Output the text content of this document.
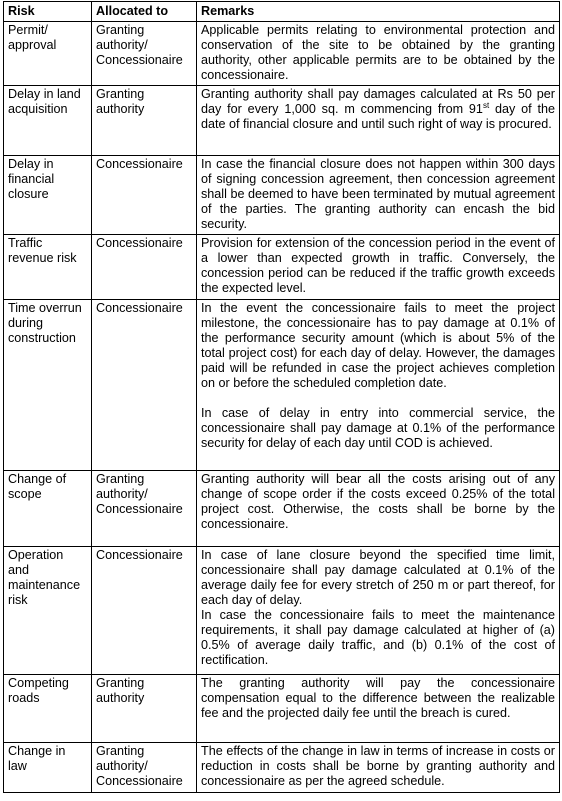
Risk	Allocated to	Remarks
Permit/ approval	Granting authority/ Concessionaire	Applicable permits relating to environmental protection and conservation of the site to be obtained by the granting authority, other applicable permits are to be obtained by the concessionaire.

Delay in land acquisition	Granting authority	Granting authority shall pay damages calculated at Rs 50 per day for every 1,000 sq. m commencing from 91st day of the date of financial closure and until such right of way is procured.

Delay in financial closure	Concessionaire	In case the financial closure does not happen within 300 days of signing concession agreement, then concession agreement shall be deemed to have been terminated by mutual agreement of the parties. The granting authority can encash the bid security.

Traffic revenue risk	Concessionaire	Provision for extension of the concession period in the event of a lower than expected growth in traffic. Conversely, the concession period can be reduced if the traffic growth exceeds the expected level.

Time overrun during construction	Concessionaire	In the event the concessionaire fails to meet the project milestone, the concessionaire has to pay damage at 0.1% of the performance security amount (which is about 5% of the total project cost) for each day of delay. However, the damages paid will be refunded in case the project achieves completion on or before the scheduled completion date.

In case of delay in entry into commercial service, the concessionaire shall pay damage at 0.1% of the performance security for delay of each day until COD is achieved.

Change of scope	Granting authority/ Concessionaire	Granting authority will bear all the costs arising out of any change of scope order if the costs exceed 0.25% of the total project cost. Otherwise, the costs shall be borne by the concessionaire.

Operation and maintenance risk	Concessionaire	In case of lane closure beyond the specified time limit, concessionaire shall pay damage calculated at 0.1% of the average daily fee for every stretch of 250 m or part thereof, for each day of delay.

In case the concessionaire fails to meet the maintenance requirements, it shall pay damage calculated at higher of (a) 0.5% of average daily traffic, and (b) 0.1% of the cost of rectification.

Competing roads	Granting authority	The granting authority will pay the concessionaire compensation equal to the difference between the realizable fee and the projected daily fee until the breach is cured.

Change in law	Granting authority/ Concessionaire	The effects of the change in law in terms of increase in costs or reduction in costs shall be borne by granting authority and concessionaire as per the agreed schedule.
